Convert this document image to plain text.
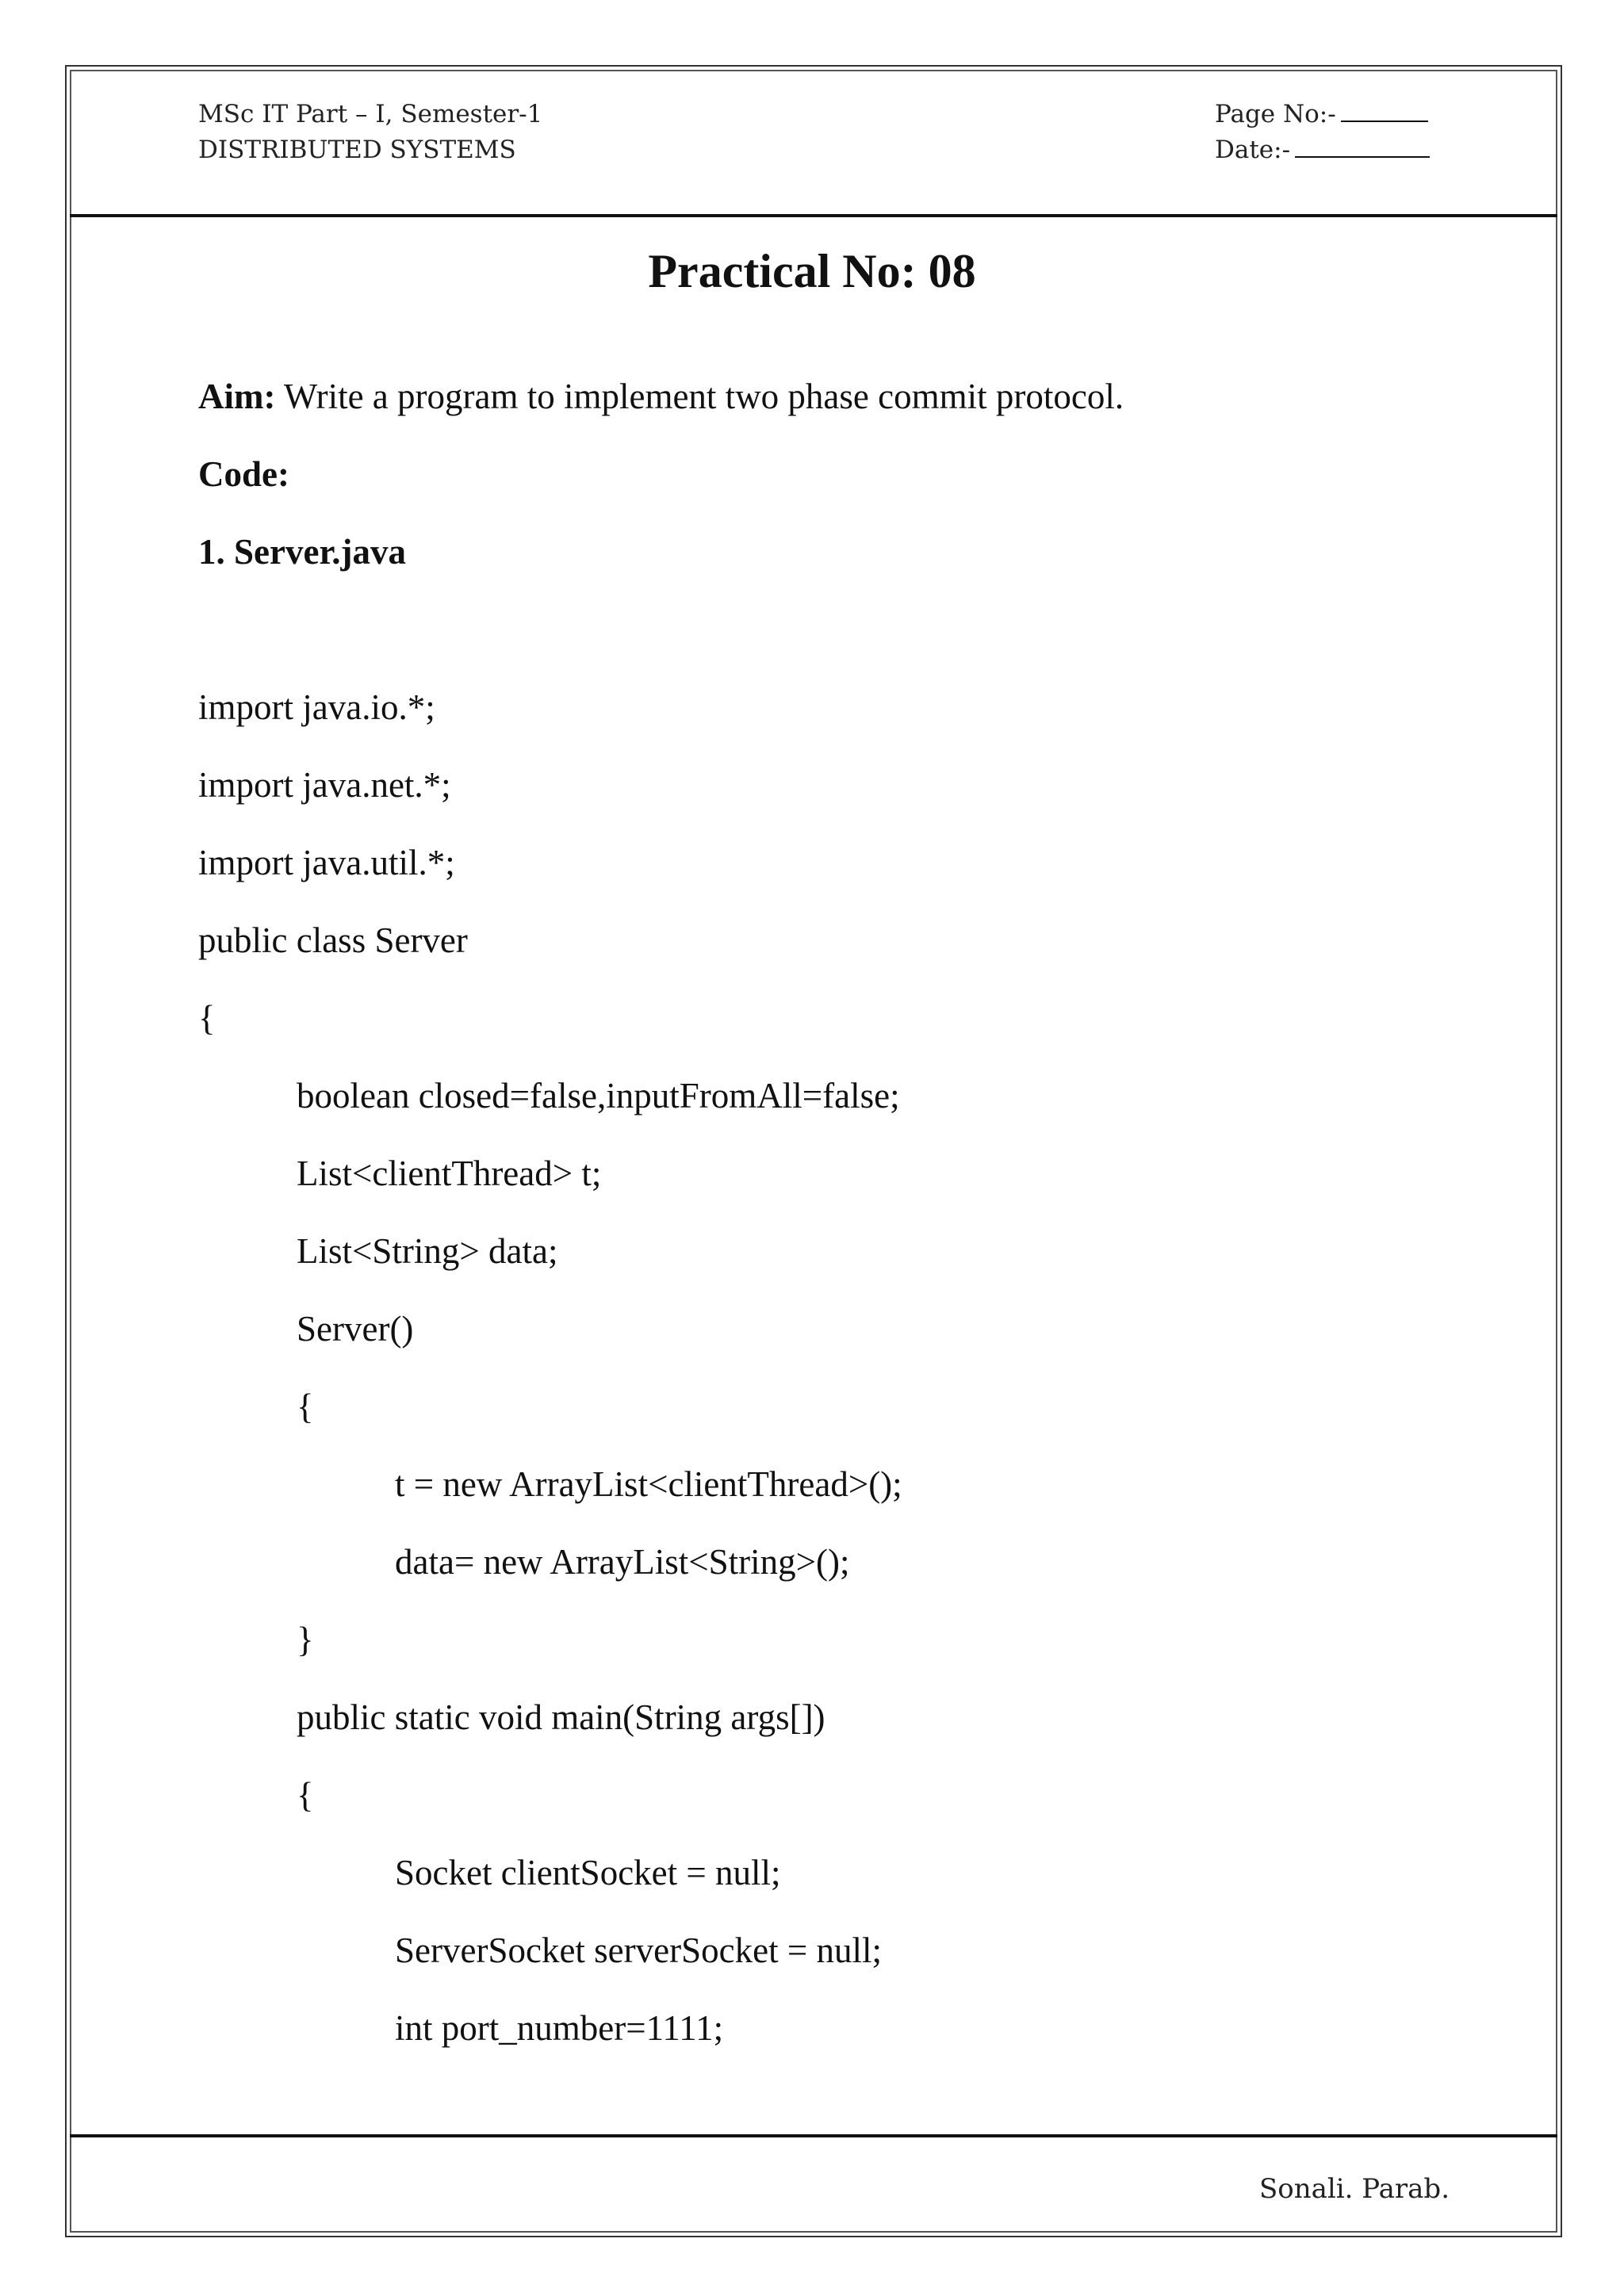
MSc IT Part – I, Semester-1
DISTRIBUTED SYSTEMS
Page No:-
Date:-
Practical No: 08
Aim: Write a program to implement two phase commit protocol.
Code:
1. Server.java
import java.io.*;
import java.net.*;
import java.util.*;
public class Server
{
boolean closed=false,inputFromAll=false;
List<clientThread> t;
List<String> data;
Server()
{
t = new ArrayList<clientThread>();
data= new ArrayList<String>();
}
public static void main(String args[])
{
Socket clientSocket = null;
ServerSocket serverSocket = null;
int port_number=1111;
Sonali. Parab.
